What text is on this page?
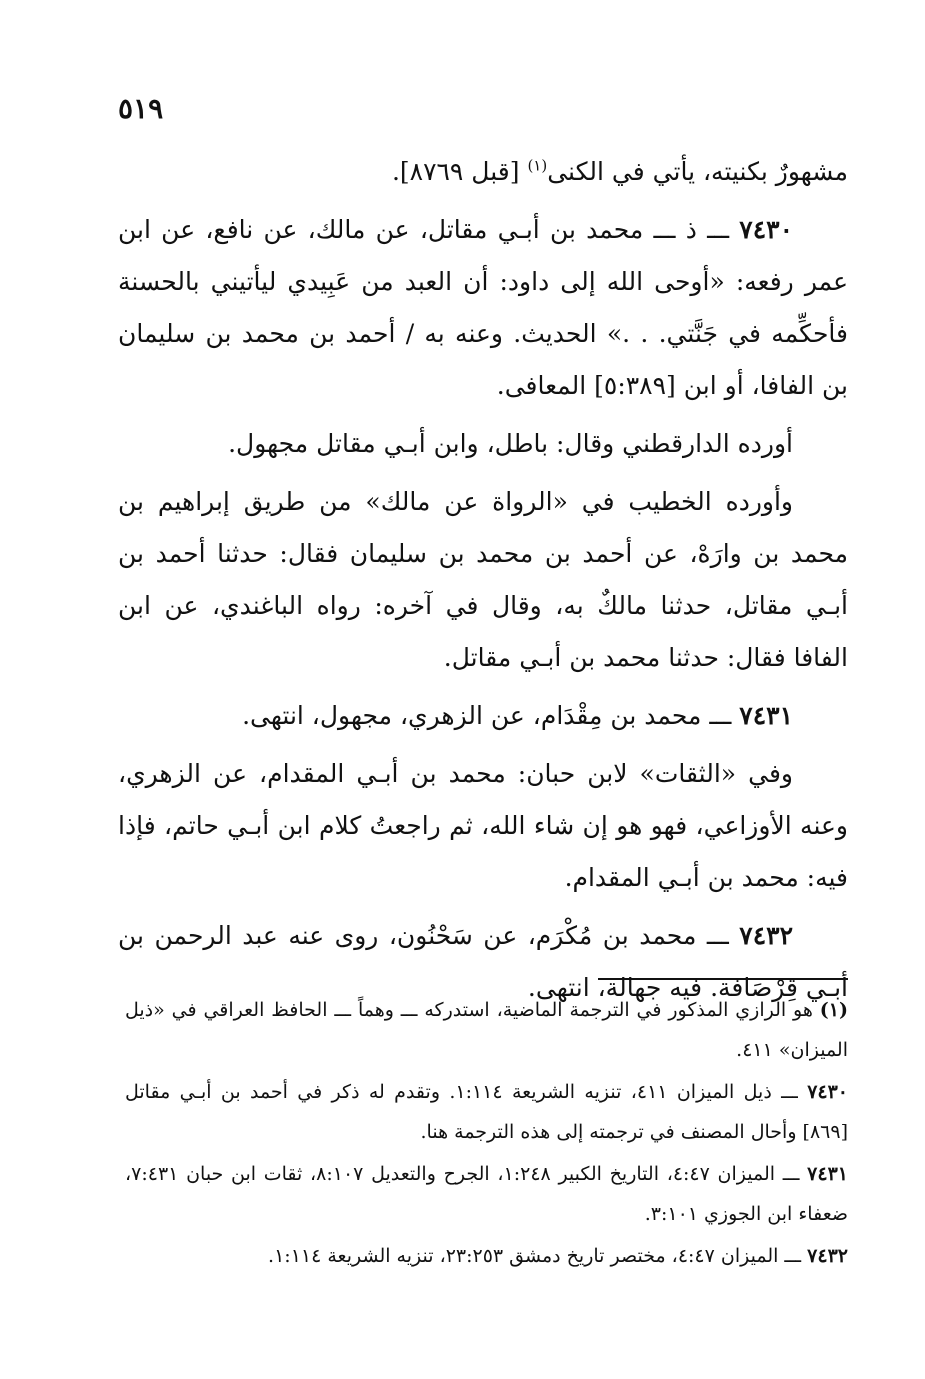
٥١٩

مشهورٌ بكنيته، يأتي في الكنى$^{(١)}$ [قبل ٨٧٦٩].

٧٤٣٠ ـــ ذ ـــ محمد بن أبـي مقاتل، عن مالك، عن نافع، عن ابن عمر رفعه: «أوحى الله إلى داود: أن العبد من عَبِيدي ليأتيني بالحسنة فأحكِّمه في جَنَّتي. . .» الحديث. وعنه به / أحمد بن محمد بن سليمان بن الفافا، أو ابن [٥:٣٨٩] المعافى.

أورده الدارقطني وقال: باطل، وابن أبـي مقاتل مجهول.

وأورده الخطيب في «الرواة عن مالك» من طريق إبراهيم بن محمد بن وارَهْ، عن أحمد بن محمد بن سليمان فقال: حدثنا أحمد بن أبـي مقاتل، حدثنا مالكٌ به، وقال في آخره: رواه الباغندي، عن ابن الفافا فقال: حدثنا محمد بن أبـي مقاتل.

٧٤٣١ ـــ محمد بن مِقْدَام، عن الزهري، مجهول، انتهى.

وفي «الثقات» لابن حبان: محمد بن أبـي المقدام، عن الزهري، وعنه الأوزاعي، فهو هو إن شاء الله، ثم راجعتُ كلام ابن أبـي حاتم، فإذا فيه: محمد بن أبـي المقدام.

٧٤٣٢ ـــ محمد بن مُكْرَم، عن سَحْنُون، روى عنه عبد الرحمن بن أبـي قِرْصَافة. فيه جهالة، انتهى.

(١) هو الرازي المذكور في الترجمة الماضية، استدركه ـــ وهماً ـــ الحافظ العراقي في «ذيل الميزان» ٤١١.

٧٤٣٠ ـــ ذيل الميزان ٤١١، تنزيه الشريعة ١:١١٤. وتقدم له ذكر في أحمد بن أبـي مقاتل [٨٦٩] وأحال المصنف في ترجمته إلى هذه الترجمة هنا.

٧٤٣١ ـــ الميزان ٤:٤٧، التاريخ الكبير ١:٢٤٨، الجرح والتعديل ٨:١٠٧، ثقات ابن حبان ٧:٤٣١، ضعفاء ابن الجوزي ٣:١٠١.

٧٤٣٢ ـــ الميزان ٤:٤٧، مختصر تاريخ دمشق ٢٣:٢٥٣، تنزيه الشريعة ١:١١٤.
